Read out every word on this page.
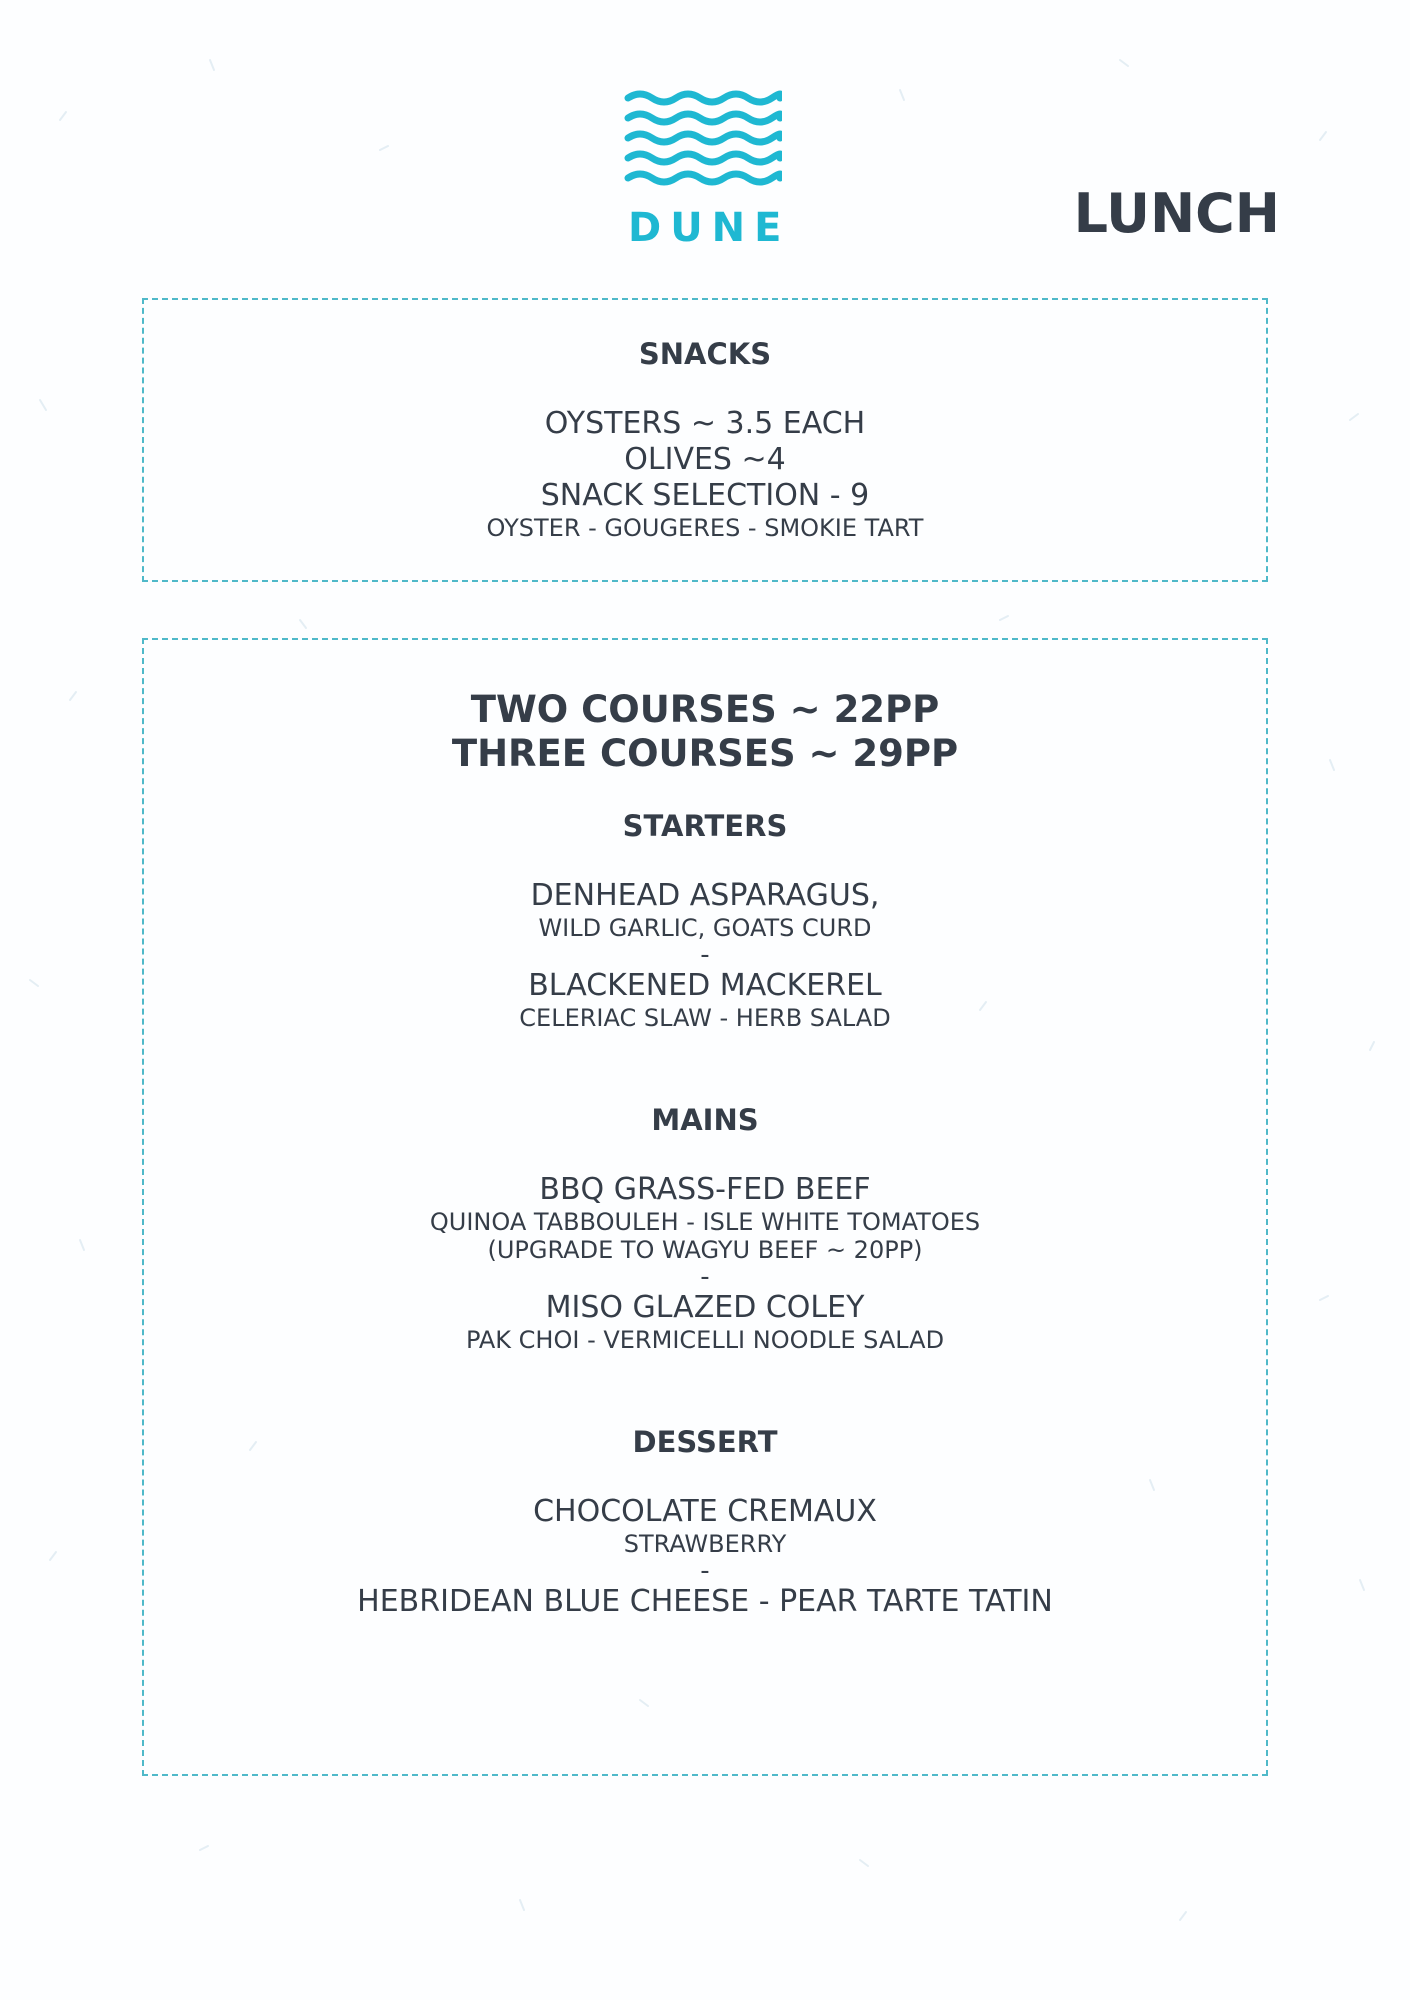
DUNE	LUNCH

SNACKS

OYSTERS ~ 3.5 EACH

OLIVES ~4

SNACK SELECTION - 9

OYSTER - GOUGERES - SMOKIE TART

TWO COURSES ~ 22PP

THREE COURSES ~ 29PP

STARTERS

DENHEAD ASPARAGUS,

WILD GARLIC, GOATS CURD

-

BLACKENED MACKEREL

CELERIAC SLAW - HERB SALAD

MAINS

BBQ GRASS-FED BEEF

QUINOA TABBOULEH - ISLE WHITE TOMATOES

(UPGRADE TO WAGYU BEEF ~ 20PP)

-

MISO GLAZED COLEY

PAK CHOI - VERMICELLI NOODLE SALAD

DESSERT

CHOCOLATE CREMAUX

STRAWBERRY

-

HEBRIDEAN BLUE CHEESE - PEAR TARTE TATIN
